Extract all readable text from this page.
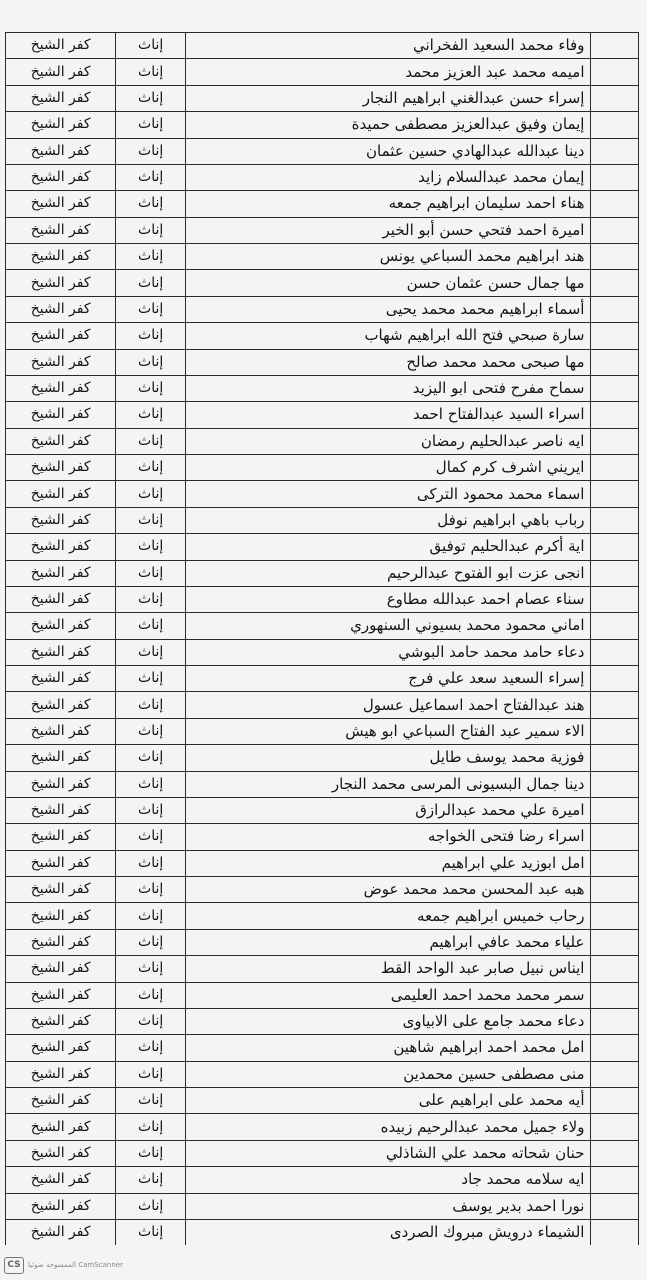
	وفاء محمد السعيد الفخراني	إناث	كفر الشيخ
	اميمه محمد عبد العزيز محمد	إناث	كفر الشيخ
	إسراء حسن عبدالغني ابراهيم النجار	إناث	كفر الشيخ
	إيمان وفيق عبدالعزيز مصطفى حميدة	إناث	كفر الشيخ
	دينا عبدالله عبدالهادي حسين عثمان	إناث	كفر الشيخ
	إيمان محمد عبدالسلام زايد	إناث	كفر الشيخ
	هناء احمد سليمان ابراهيم جمعه	إناث	كفر الشيخ
	اميرة احمد فتحي حسن أبو الخير	إناث	كفر الشيخ
	هند ابراهيم محمد السباعي يونس	إناث	كفر الشيخ
	مها جمال حسن عثمان حسن	إناث	كفر الشيخ
	أسماء ابراهيم محمد محمد يحيى	إناث	كفر الشيخ
	سارة صبحي فتح الله ابراهيم شهاب	إناث	كفر الشيخ
	مها صبحى محمد محمد صالح	إناث	كفر الشيخ
	سماح مفرح فتحى ابو اليزيد	إناث	كفر الشيخ
	اسراء السيد عبدالفتاح احمد	إناث	كفر الشيخ
	ايه ناصر عبدالحليم رمضان	إناث	كفر الشيخ
	ايريني اشرف كرم كمال	إناث	كفر الشيخ
	اسماء محمد محمود التركى	إناث	كفر الشيخ
	رباب باهي ابراهيم نوفل	إناث	كفر الشيخ
	اية أكرم عبدالحليم توفيق	إناث	كفر الشيخ
	انجى عزت ابو الفتوح عبدالرحيم	إناث	كفر الشيخ
	سناء عصام احمد عبدالله مطاوع	إناث	كفر الشيخ
	اماني محمود محمد بسيوني السنهوري	إناث	كفر الشيخ
	دعاء حامد محمد حامد البوشي	إناث	كفر الشيخ
	إسراء السعيد سعد علي فرج	إناث	كفر الشيخ
	هند عبدالفتاح احمد اسماعيل عسول	إناث	كفر الشيخ
	الاء سمير عبد الفتاح السباعي ابو هيش	إناث	كفر الشيخ
	فوزية محمد يوسف طايل	إناث	كفر الشيخ
	دينا جمال البسيونى المرسى محمد النجار	إناث	كفر الشيخ
	اميرة علي محمد عبدالرازق	إناث	كفر الشيخ
	اسراء رضا فتحى الخواجه	إناث	كفر الشيخ
	امل ابوزيد علي ابراهيم	إناث	كفر الشيخ
	هبه عبد المحسن محمد محمد عوض	إناث	كفر الشيخ
	رحاب خميس ابراهيم جمعه	إناث	كفر الشيخ
	علياء محمد عافي ابراهيم	إناث	كفر الشيخ
	ايناس نبيل صابر عبد الواحد القط	إناث	كفر الشيخ
	سمر محمد محمد احمد العليمى	إناث	كفر الشيخ
	دعاء محمد جامع على الابياوى	إناث	كفر الشيخ
	امل محمد احمد ابراهيم شاهين	إناث	كفر الشيخ
	منى مصطفى حسين محمدين	إناث	كفر الشيخ
	أيه محمد على ابراهيم على	إناث	كفر الشيخ
	ولاء جميل محمد عبدالرحيم زبيده	إناث	كفر الشيخ
	حنان شحاته محمد علي الشاذلي	إناث	كفر الشيخ
	ايه سلامه محمد جاد	إناث	كفر الشيخ
	نورا احمد بدير يوسف	إناث	كفر الشيخ
	الشيماء درويش مبروك الصردى	إناث	كفر الشيخ

CS	الممسوحة ضوئيا CamScanner
